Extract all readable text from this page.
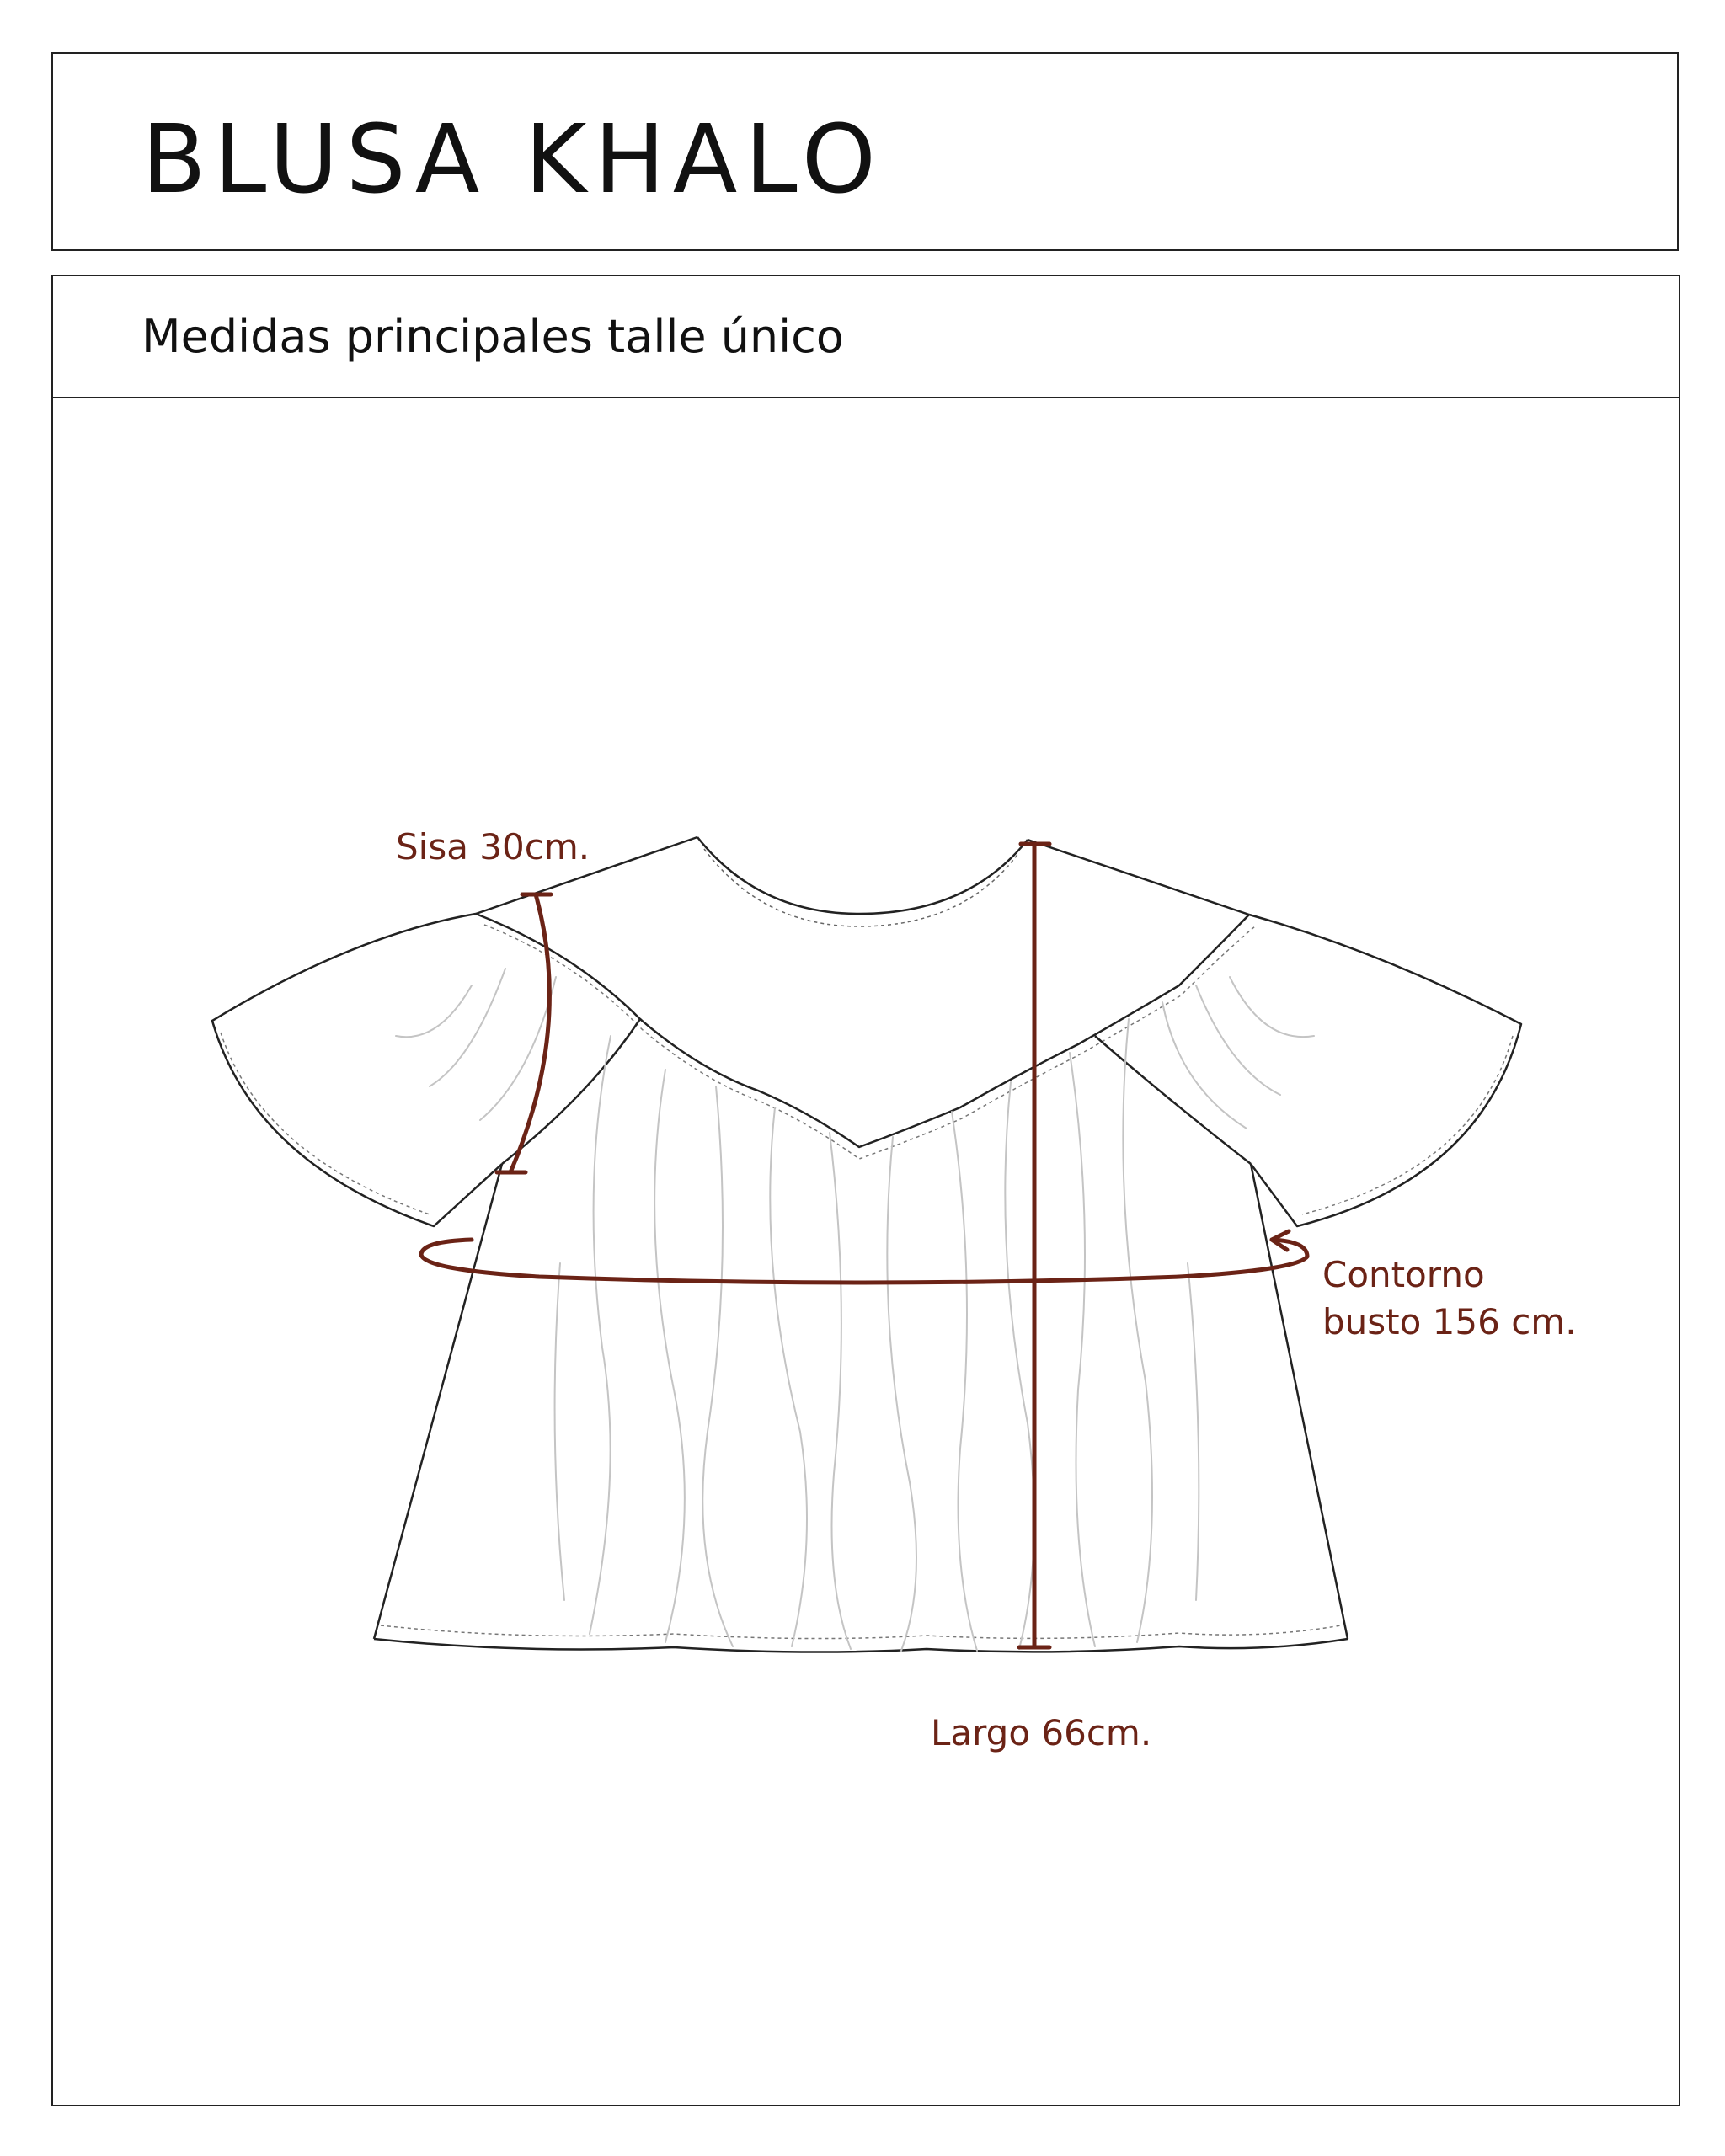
BLUSA KHALO
Medidas principales talle único
Sisa 30cm.
Contorno
busto 156 cm.
Largo 66cm.
